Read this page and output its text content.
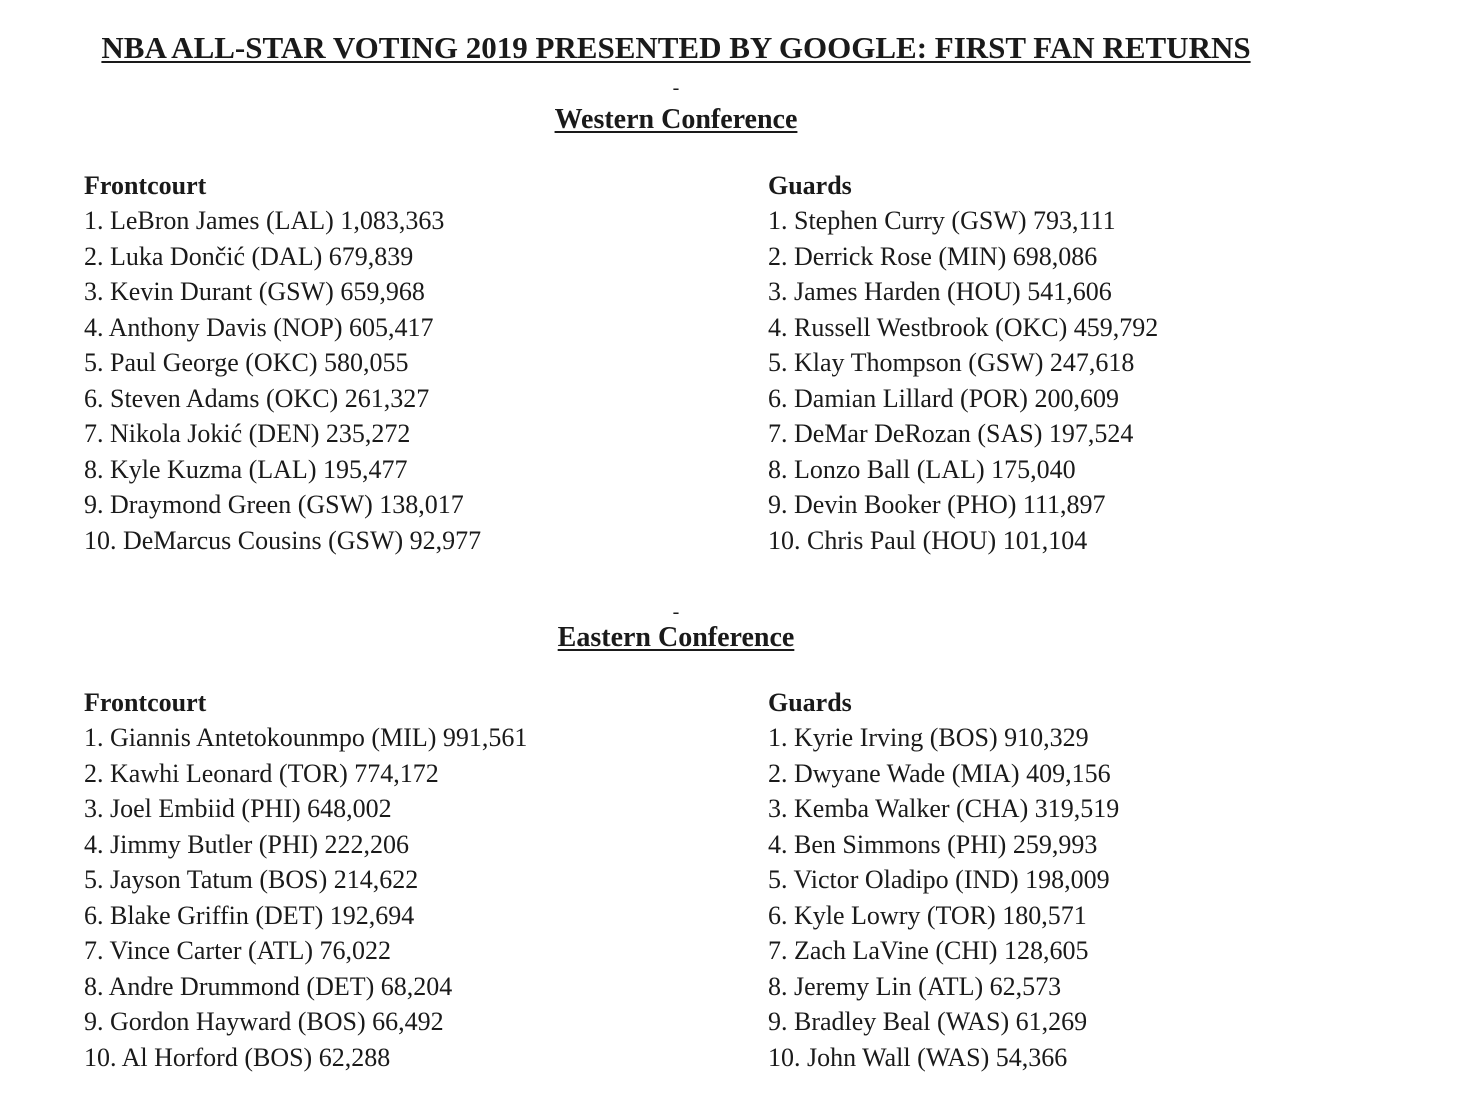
NBA ALL-STAR VOTING 2019 PRESENTED BY GOOGLE: FIRST FAN RETURNS
-
Western Conference
Frontcourt
1. LeBron James (LAL) 1,083,363
2. Luka Dončić (DAL) 679,839
3. Kevin Durant (GSW) 659,968
4. Anthony Davis (NOP) 605,417
5. Paul George (OKC) 580,055
6. Steven Adams (OKC) 261,327
7. Nikola Jokić (DEN) 235,272
8. Kyle Kuzma (LAL) 195,477
9. Draymond Green (GSW) 138,017
10. DeMarcus Cousins (GSW) 92,977
Guards
1. Stephen Curry (GSW) 793,111
2. Derrick Rose (MIN) 698,086
3. James Harden (HOU) 541,606
4. Russell Westbrook (OKC) 459,792
5. Klay Thompson (GSW) 247,618
6. Damian Lillard (POR) 200,609
7. DeMar DeRozan (SAS) 197,524
8. Lonzo Ball (LAL) 175,040
9. Devin Booker (PHO) 111,897
10. Chris Paul (HOU) 101,104
-
Eastern Conference
Frontcourt
1. Giannis Antetokounmpo (MIL) 991,561
2. Kawhi Leonard (TOR) 774,172
3. Joel Embiid (PHI) 648,002
4. Jimmy Butler (PHI) 222,206
5. Jayson Tatum (BOS) 214,622
6. Blake Griffin (DET) 192,694
7. Vince Carter (ATL) 76,022
8. Andre Drummond (DET) 68,204
9. Gordon Hayward (BOS) 66,492
10. Al Horford (BOS) 62,288
Guards
1. Kyrie Irving (BOS) 910,329
2. Dwyane Wade (MIA) 409,156
3. Kemba Walker (CHA) 319,519
4. Ben Simmons (PHI) 259,993
5. Victor Oladipo (IND) 198,009
6. Kyle Lowry (TOR) 180,571
7. Zach LaVine (CHI) 128,605
8. Jeremy Lin (ATL) 62,573
9. Bradley Beal (WAS) 61,269
10. John Wall (WAS) 54,366
